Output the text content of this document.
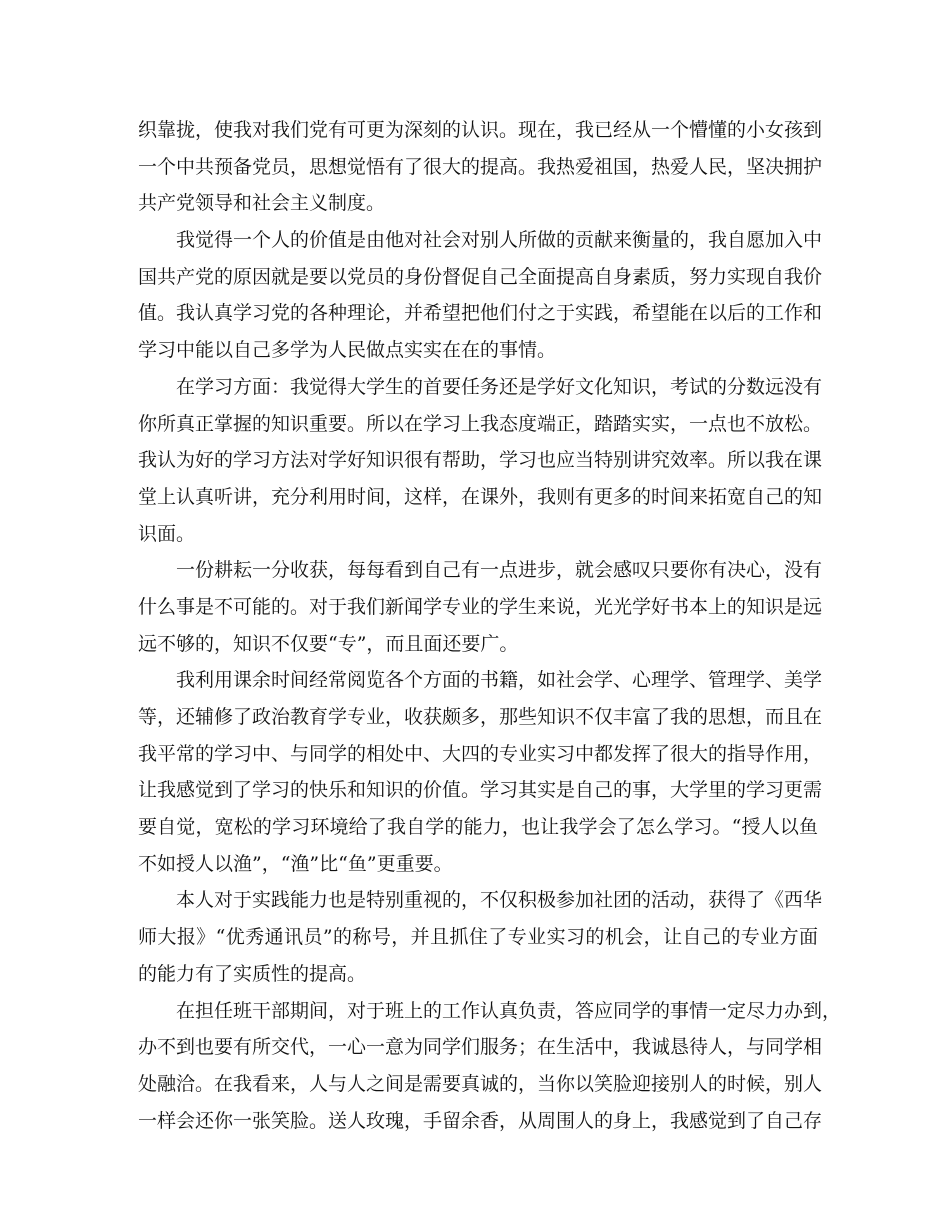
织靠拢，使我对我们党有可更为深刻的认识。现在，我已经从一个懵懂的小女孩到
一个中共预备党员，思想觉悟有了很大的提高。我热爱祖国，热爱人民，坚决拥护
共产党领导和社会主义制度。
我觉得一个人的价值是由他对社会对别人所做的贡献来衡量的，我自愿加入中
国共产党的原因就是要以党员的身份督促自己全面提高自身素质，努力实现自我价
值。我认真学习党的各种理论，并希望把他们付之于实践，希望能在以后的工作和
学习中能以自己多学为人民做点实实在在的事情。
在学习方面：我觉得大学生的首要任务还是学好文化知识，考试的分数远没有
你所真正掌握的知识重要。所以在学习上我态度端正，踏踏实实，一点也不放松。
我认为好的学习方法对学好知识很有帮助，学习也应当特别讲究效率。所以我在课
堂上认真听讲，充分利用时间，这样，在课外，我则有更多的时间来拓宽自己的知
识面。
一份耕耘一分收获，每每看到自己有一点进步，就会感叹只要你有决心，没有
什么事是不可能的。对于我们新闻学专业的学生来说，光光学好书本上的知识是远
远不够的，知识不仅要“专”，而且面还要广。
我利用课余时间经常阅览各个方面的书籍，如社会学、心理学、管理学、美学
等，还辅修了政治教育学专业，收获颇多，那些知识不仅丰富了我的思想，而且在
我平常的学习中、与同学的相处中、大四的专业实习中都发挥了很大的指导作用，
让我感觉到了学习的快乐和知识的价值。学习其实是自己的事，大学里的学习更需
要自觉，宽松的学习环境给了我自学的能力，也让我学会了怎么学习。“授人以鱼
不如授人以渔”，“渔”比“鱼”更重要。
本人对于实践能力也是特别重视的，不仅积极参加社团的活动，获得了《西华
师大报》“优秀通讯员”的称号，并且抓住了专业实习的机会，让自己的专业方面
的能力有了实质性的提高。
在担任班干部期间，对于班上的工作认真负责，答应同学的事情一定尽力办到，
办不到也要有所交代，一心一意为同学们服务；在生活中，我诚恳待人，与同学相
处融洽。在我看来，人与人之间是需要真诚的，当你以笑脸迎接别人的时候，别人
一样会还你一张笑脸。送人玫瑰，手留余香，从周围人的身上，我感觉到了自己存
